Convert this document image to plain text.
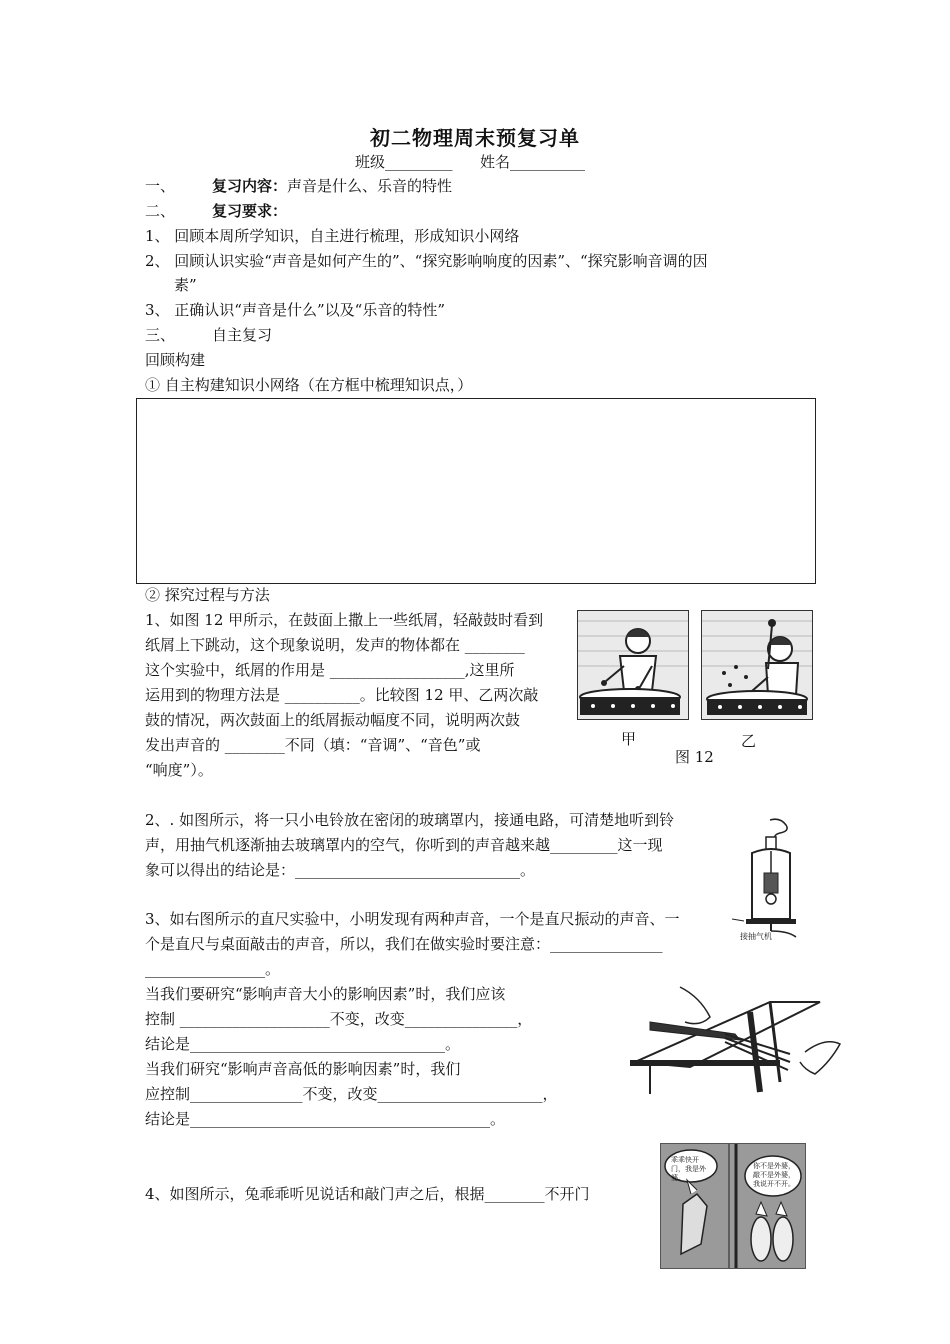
初二物理周末预复习单
班级_________ 姓名__________
一、 复习内容：声音是什么、乐音的特性
二、 复习要求：
1、 回顾本周所学知识，自主进行梳理，形成知识小网络
2、 回顾认识实验“声音是如何产生的”、“探究影响响度的因素”、“探究影响音调的因
素”
3、 正确认识“声音是什么”以及“乐音的特性”
三、 自主复习
回顾构建
① 自主构建知识小网络（在方框中梳理知识点，）
② 探究过程与方法
1、如图 12 甲所示，在鼓面上撒上一些纸屑，轻敲鼓时看到
纸屑上下跳动，这个现象说明，发声的物体都在 ________
这个实验中，纸屑的作用是 __________________,这里所
运用到的物理方法是 __________。比较图 12 甲、乙两次敲
鼓的情况，两次鼓面上的纸屑振动幅度不同，说明两次鼓
发出声音的 ________不同（填：“音调”、“音色”或
“响度”）。
甲	乙
图 12
2、. 如图所示，将一只小电铃放在密闭的玻璃罩内，接通电路，可清楚地听到铃
声，用抽气机逐渐抽去玻璃罩内的空气，你听到的声音越来越_________这一现
象可以得出的结论是：______________________________。
接抽气机
3、如右图所示的直尺实验中，小明发现有两种声音，一个是直尺振动的声音、一
个是直尺与桌面敲击的声音，所以，我们在做实验时要注意：_______________
________________。
当我们要研究“影响声音大小的影响因素”时，我们应该
控制 ____________________不变，改变_______________，
结论是__________________________________。
当我们研究“影响声音高低的影响因素”时，我们
应控制_______________不变，改变______________________，
结论是________________________________________。
4、如图所示，兔乖乖听见说话和敲门声之后，根据________不开门
乖乖快开门，我是外婆。
你不是外婆，敲不是外婆，我说开不开。
